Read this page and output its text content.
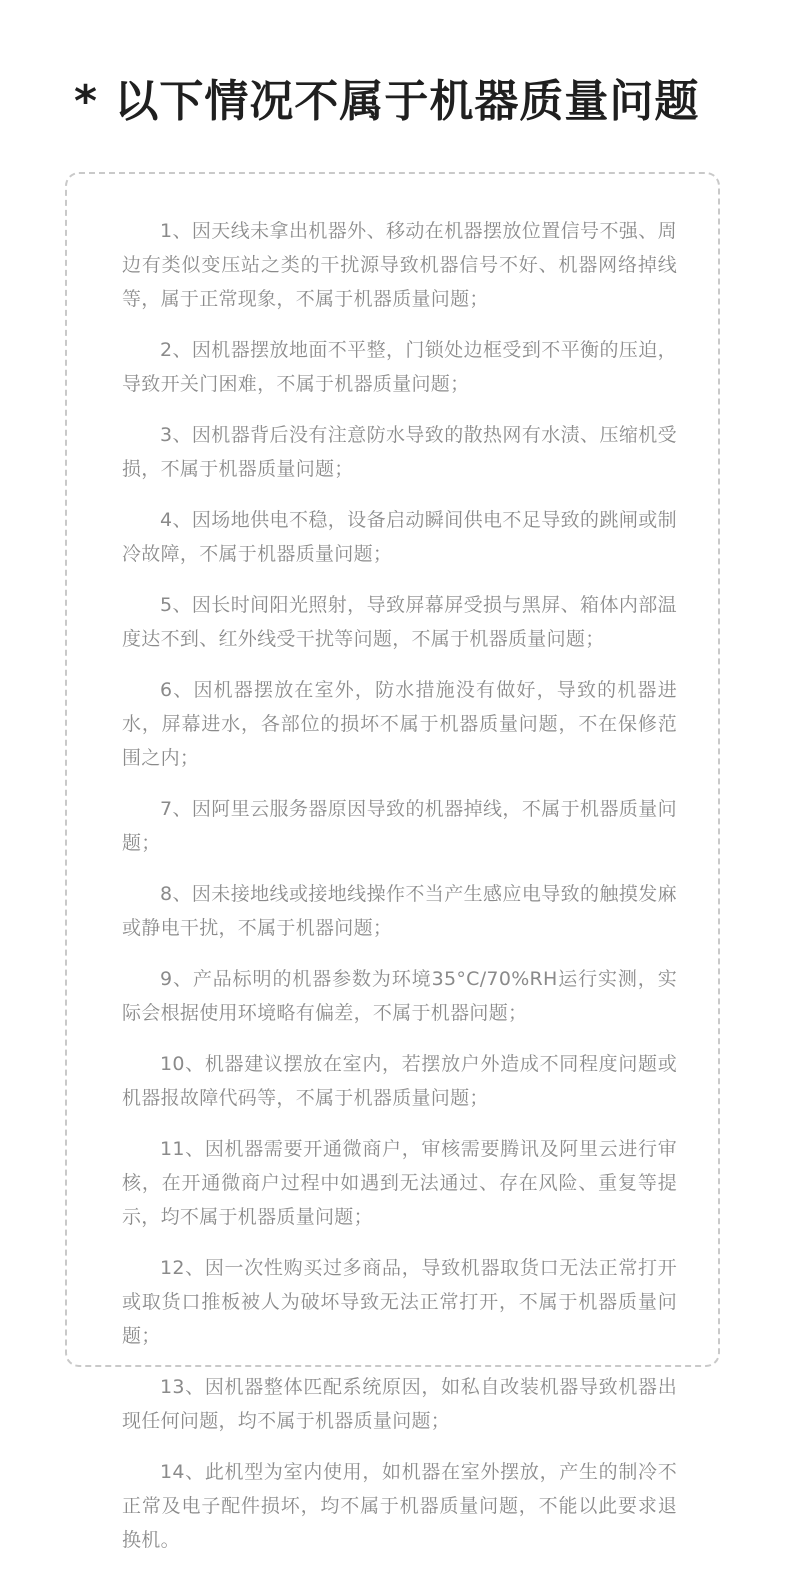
* 以下情况不属于机器质量问题
1、因天线未拿出机器外、移动在机器摆放位置信号不强、周边有类似变压站之类的干扰源导致机器信号不好、机器网络掉线等，属于正常现象，不属于机器质量问题；
2、因机器摆放地面不平整，门锁处边框受到不平衡的压迫，导致开关门困难，不属于机器质量问题；
3、因机器背后没有注意防水导致的散热网有水渍、压缩机受损，不属于机器质量问题；
4、因场地供电不稳，设备启动瞬间供电不足导致的跳闸或制冷故障，不属于机器质量问题；
5、因长时间阳光照射，导致屏幕屏受损与黑屏、箱体内部温度达不到、红外线受干扰等问题，不属于机器质量问题；
6、因机器摆放在室外，防水措施没有做好，导致的机器进水，屏幕进水，各部位的损坏不属于机器质量问题，不在保修范围之内；
7、因阿里云服务器原因导致的机器掉线，不属于机器质量问题；
8、因未接地线或接地线操作不当产生感应电导致的触摸发麻或静电干扰，不属于机器问题；
9、产品标明的机器参数为环境35°C/70%RH运行实测，实际会根据使用环境略有偏差，不属于机器问题；
10、机器建议摆放在室内，若摆放户外造成不同程度问题或机器报故障代码等，不属于机器质量问题；
11、因机器需要开通微商户，审核需要腾讯及阿里云进行审核，在开通微商户过程中如遇到无法通过、存在风险、重复等提示，均不属于机器质量问题；
12、因一次性购买过多商品，导致机器取货口无法正常打开或取货口推板被人为破坏导致无法正常打开，不属于机器质量问题；
13、因机器整体匹配系统原因，如私自改装机器导致机器出现任何问题，均不属于机器质量问题；
14、此机型为室内使用，如机器在室外摆放，产生的制冷不正常及电子配件损坏，均不属于机器质量问题，不能以此要求退换机。
